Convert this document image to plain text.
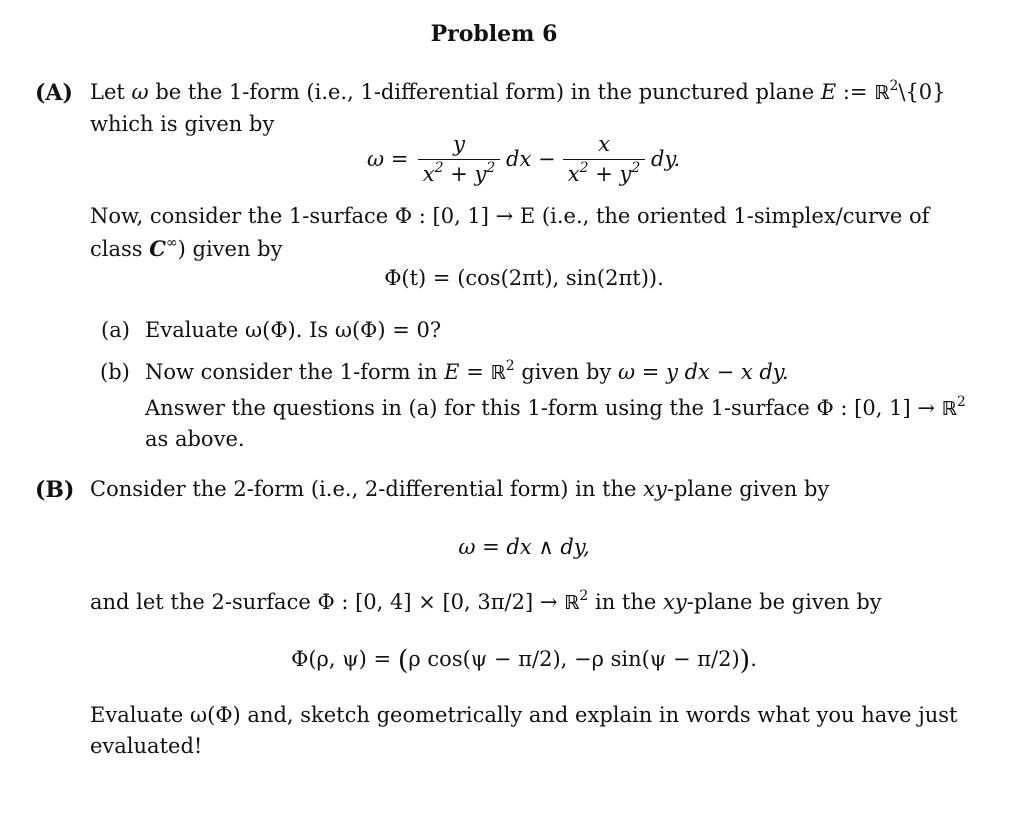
Problem 6
(A) Let ω be the 1-form (i.e., 1-differential form) in the punctured plane E := ℝ$^2$\{0}
which is given by
ω =
y
$x^2 + y^2$ dx −
x
$x^2 + y^2$ dy.
Now, consider the 1-surface Φ : [0, 1] → E (i.e., the oriented 1-simplex/curve of
class C∞) given by
Φ(t) = (cos(2πt), sin(2πt)).
(a) Evaluate ω(Φ). Is ω(Φ) = 0?
(b) Now consider the 1-form in E = ℝ$^2$ given by ω = y dx − x dy.
Answer the questions in (a) for this 1-form using the 1-surface Φ : [0, 1] → ℝ$^2$
as above.
(B) Consider the 2-form (i.e., 2-differential form) in the xy-plane given by
ω = dx ∧ dy,
and let the 2-surface Φ : [0, 4] × [0, 3π/2] → ℝ$^2$ in the xy-plane be given by
Φ(ρ, ψ) = (ρ cos(ψ − π/2), −ρ sin(ψ − π/2)).
Evaluate ω(Φ) and, sketch geometrically and explain in words what you have just
evaluated!
